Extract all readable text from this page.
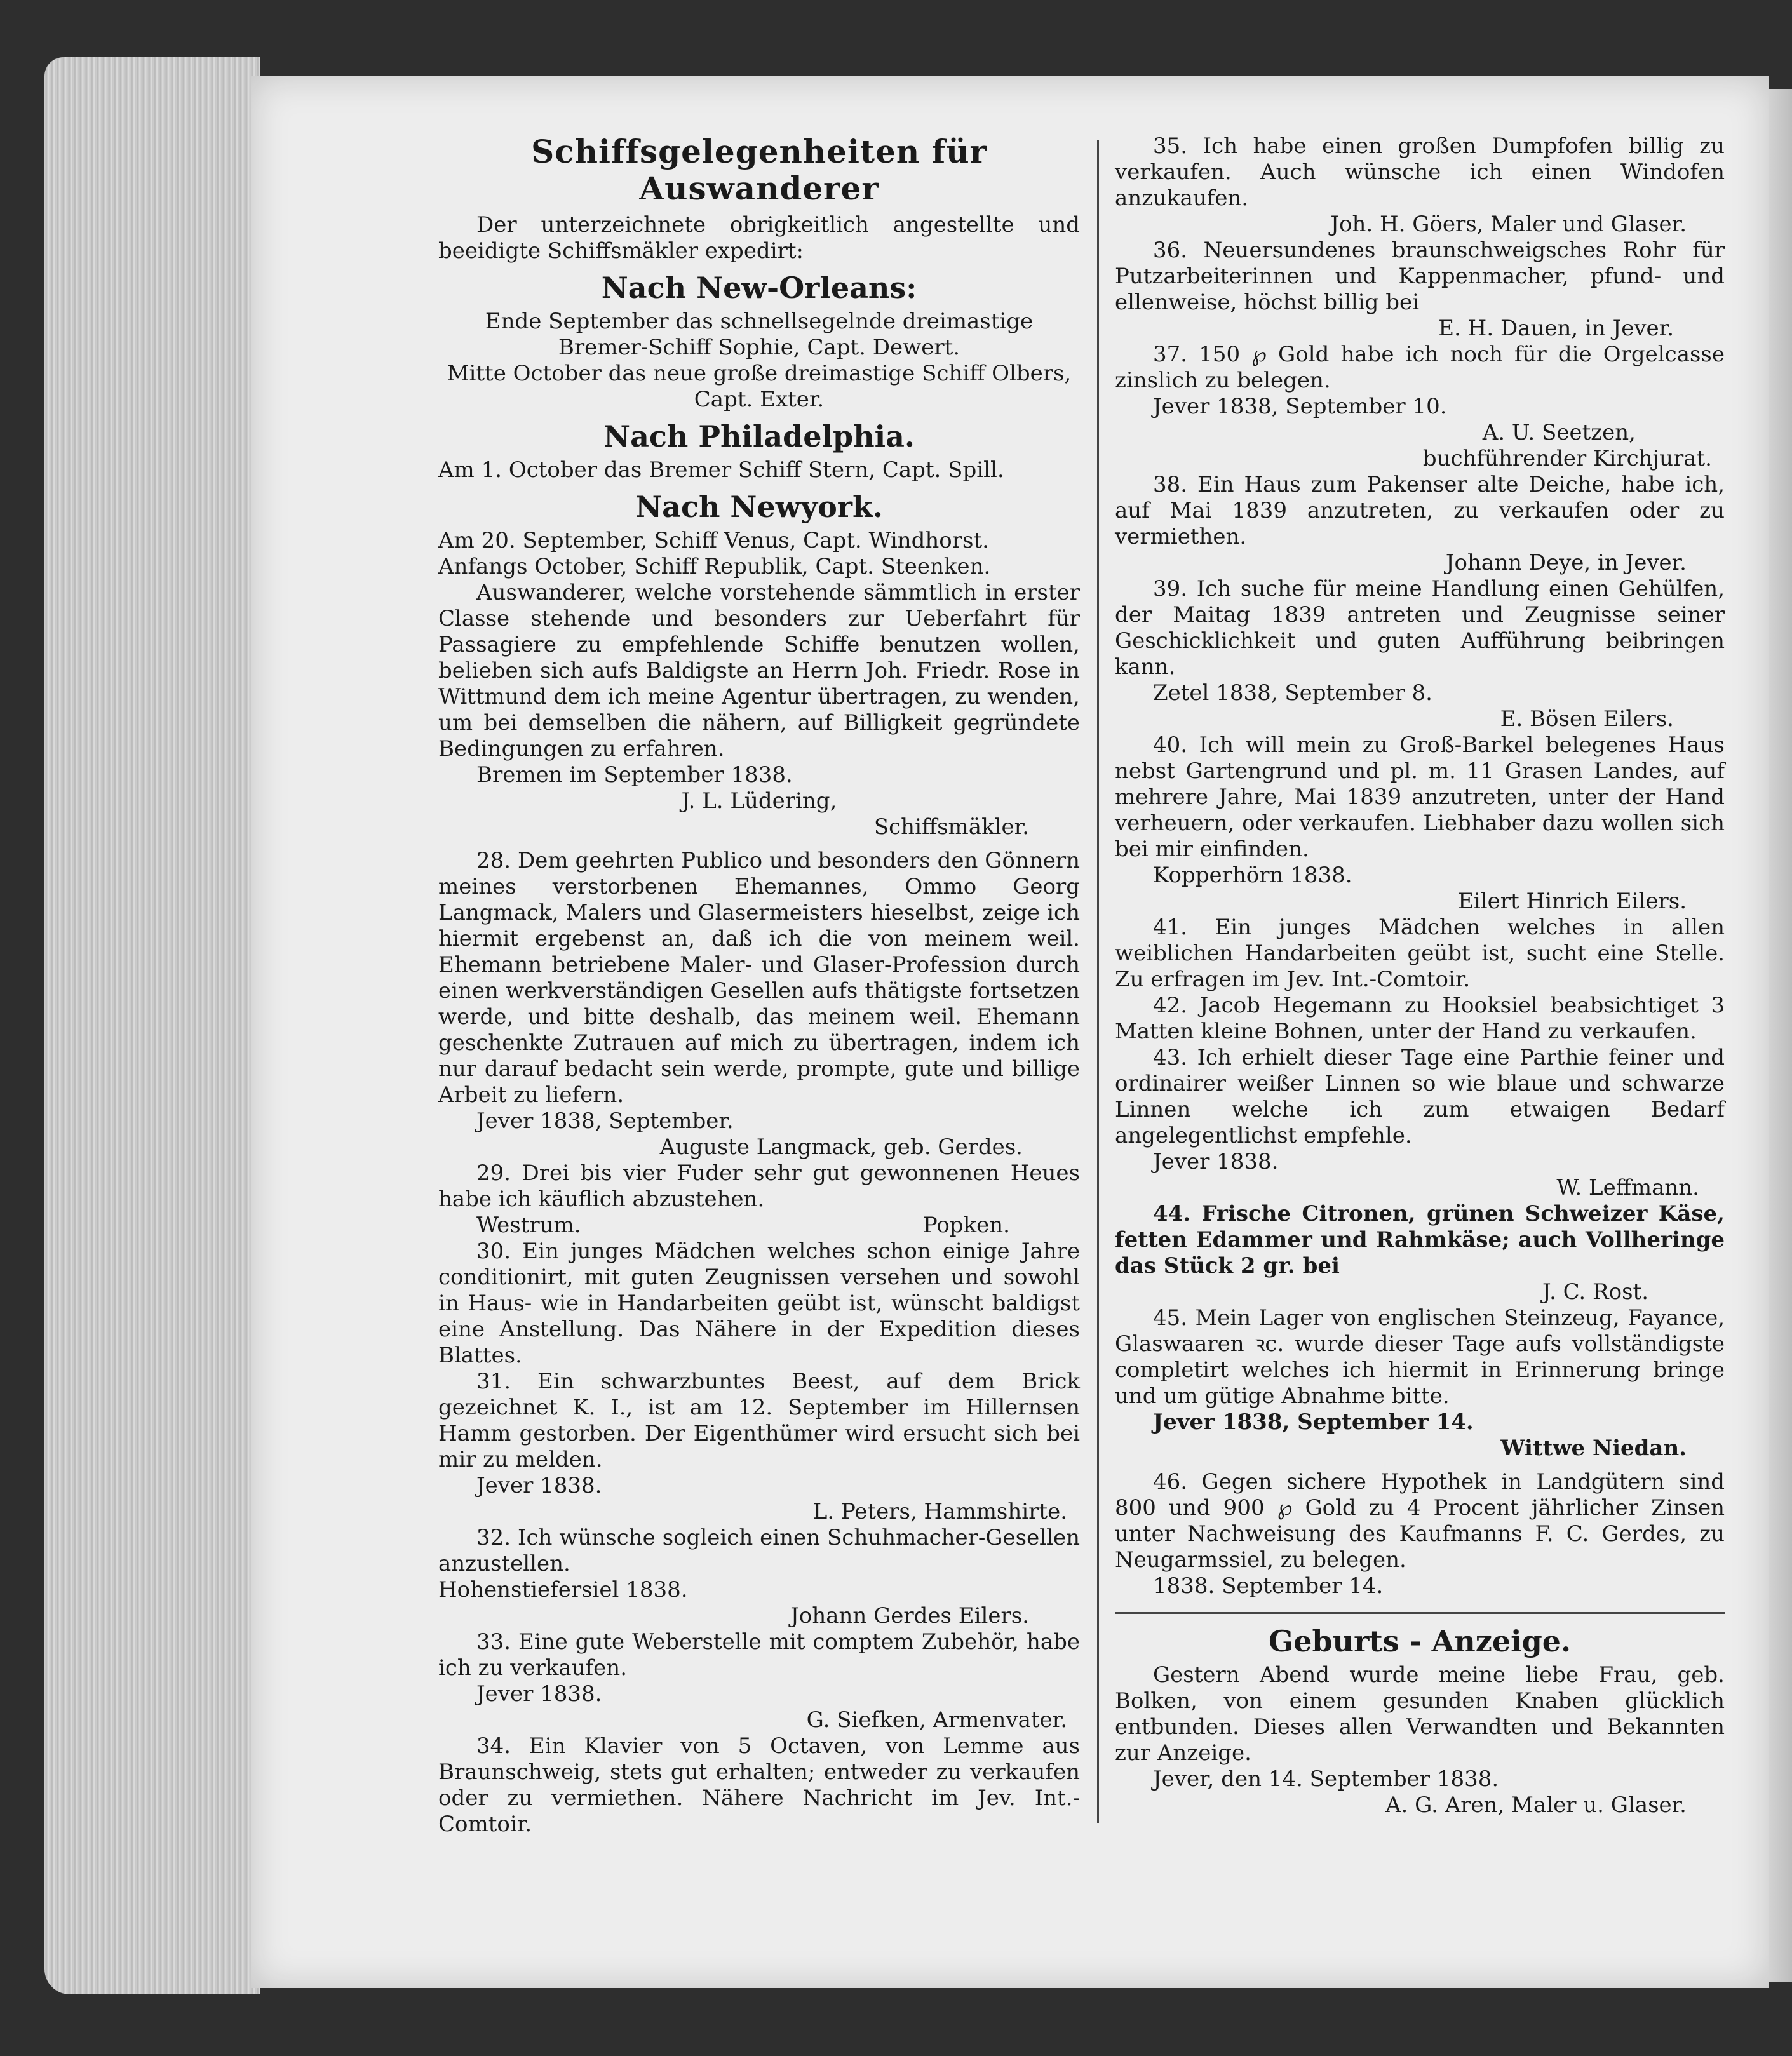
Schiffsgelegenheiten für Auswanderer

Der unterzeichnete obrigkeitlich angestellte und beeidigte Schiffsmäkler expedirt:

Nach New-Orleans:

Ende September das schnellsegelnde dreimastige Bremer-Schiff Sophie, Capt. Dewert.

Mitte October das neue große dreimastige Schiff Olbers, Capt. Exter.

Nach Philadelphia.

Am 1. October das Bremer Schiff Stern, Capt. Spill.

Nach Newyork.

Am 20. September, Schiff Venus, Capt. Windhorst.

Anfangs October, Schiff Republik, Capt. Steenken.

Auswanderer, welche vorstehende sämmtlich in erster Classe stehende und besonders zur Ueberfahrt für Passagiere zu empfehlende Schiffe benutzen wollen, belieben sich aufs Baldigste an Herrn Joh. Friedr. Rose in Wittmund dem ich meine Agentur übertragen, zu wenden, um bei demselben die nähern, auf Billigkeit gegründete Bedingungen zu erfahren.

Bremen im September 1838.

J. L. Lüdering,

Schiffsmäkler.

28. Dem geehrten Publico und besonders den Gönnern meines verstorbenen Ehemannes, Ommo Georg Langmack, Malers und Glasermeisters hieselbst, zeige ich hiermit ergebenst an, daß ich die von meinem weil. Ehemann betriebene Maler- und Glaser-Profession durch einen werkverständigen Gesellen aufs thätigste fortsetzen werde, und bitte deshalb, das meinem weil. Ehemann geschenkte Zutrauen auf mich zu übertragen, indem ich nur darauf bedacht sein werde, prompte, gute und billige Arbeit zu liefern.

Jever 1838, September.

Auguste Langmack, geb. Gerdes.

29. Drei bis vier Fuder sehr gut gewonnenen Heues habe ich käuflich abzustehen.

Westrum.	Popken.

30. Ein junges Mädchen welches schon einige Jahre conditionirt, mit guten Zeugnissen versehen und sowohl in Haus- wie in Handarbeiten geübt ist, wünscht baldigst eine Anstellung. Das Nähere in der Expedition dieses Blattes.

31. Ein schwarzbuntes Beest, auf dem Brick gezeichnet K. I., ist am 12. September im Hillernsen Hamm gestorben. Der Eigenthümer wird ersucht sich bei mir zu melden.

Jever 1838.

L. Peters, Hammshirte.

32. Ich wünsche sogleich einen Schuhmacher-Gesellen anzustellen.

Hohenstiefersiel 1838.

Johann Gerdes Eilers.

33. Eine gute Weberstelle mit comptem Zubehör, habe ich zu verkaufen.

Jever 1838.

G. Siefken, Armenvater.

34. Ein Klavier von 5 Octaven, von Lemme aus Braunschweig, stets gut erhalten; entweder zu verkaufen oder zu vermiethen. Nähere Nachricht im Jev. Int.-Comtoir.

35. Ich habe einen großen Dumpfofen billig zu verkaufen. Auch wünsche ich einen Windofen anzukaufen.

Joh. H. Göers, Maler und Glaser.

36. Neuersundenes braunschweigsches Rohr für Putzarbeiterinnen und Kappenmacher, pfund- und ellenweise, höchst billig bei

E. H. Dauen, in Jever.

37. 150 ℘ Gold habe ich noch für die Orgelcasse zinslich zu belegen.

Jever 1838, September 10.

A. U. Seetzen,

buchführender Kirchjurat.

38. Ein Haus zum Pakenser alte Deiche, habe ich, auf Mai 1839 anzutreten, zu verkaufen oder zu vermiethen.

Johann Deye, in Jever.

39. Ich suche für meine Handlung einen Gehülfen, der Maitag 1839 antreten und Zeugnisse seiner Geschicklichkeit und guten Aufführung beibringen kann.

Zetel 1838, September 8.

E. Bösen Eilers.

40. Ich will mein zu Groß-Barkel belegenes Haus nebst Gartengrund und pl. m. 11 Grasen Landes, auf mehrere Jahre, Mai 1839 anzutreten, unter der Hand verheuern, oder verkaufen. Liebhaber dazu wollen sich bei mir einfinden.

Kopperhörn 1838.

Eilert Hinrich Eilers.

41. Ein junges Mädchen welches in allen weiblichen Handarbeiten geübt ist, sucht eine Stelle. Zu erfragen im Jev. Int.-Comtoir.

42. Jacob Hegemann zu Hooksiel beabsichtiget 3 Matten kleine Bohnen, unter der Hand zu verkaufen.

43. Ich erhielt dieser Tage eine Parthie feiner und ordinairer weißer Linnen so wie blaue und schwarze Linnen welche ich zum etwaigen Bedarf angelegentlichst empfehle.

Jever 1838.

W. Leffmann.

44. Frische Citronen, grünen Schweizer Käse, fetten Edammer und Rahmkäse; auch Vollheringe das Stück 2 gr. bei

J. C. Rost.

45. Mein Lager von englischen Steinzeug, Fayance, Glaswaaren ꝛc. wurde dieser Tage aufs vollständigste completirt welches ich hiermit in Erinnerung bringe und um gütige Abnahme bitte.

Jever 1838, September 14.

Wittwe Niedan.

46. Gegen sichere Hypothek in Landgütern sind 800 und 900 ℘ Gold zu 4 Procent jährlicher Zinsen unter Nachweisung des Kaufmanns F. C. Gerdes, zu Neugarmssiel, zu belegen.

1838. September 14.

Geburts - Anzeige.

Gestern Abend wurde meine liebe Frau, geb. Bolken, von einem gesunden Knaben glücklich entbunden. Dieses allen Verwandten und Bekannten zur Anzeige.

Jever, den 14. September 1838.

A. G. Aren, Maler u. Glaser.
